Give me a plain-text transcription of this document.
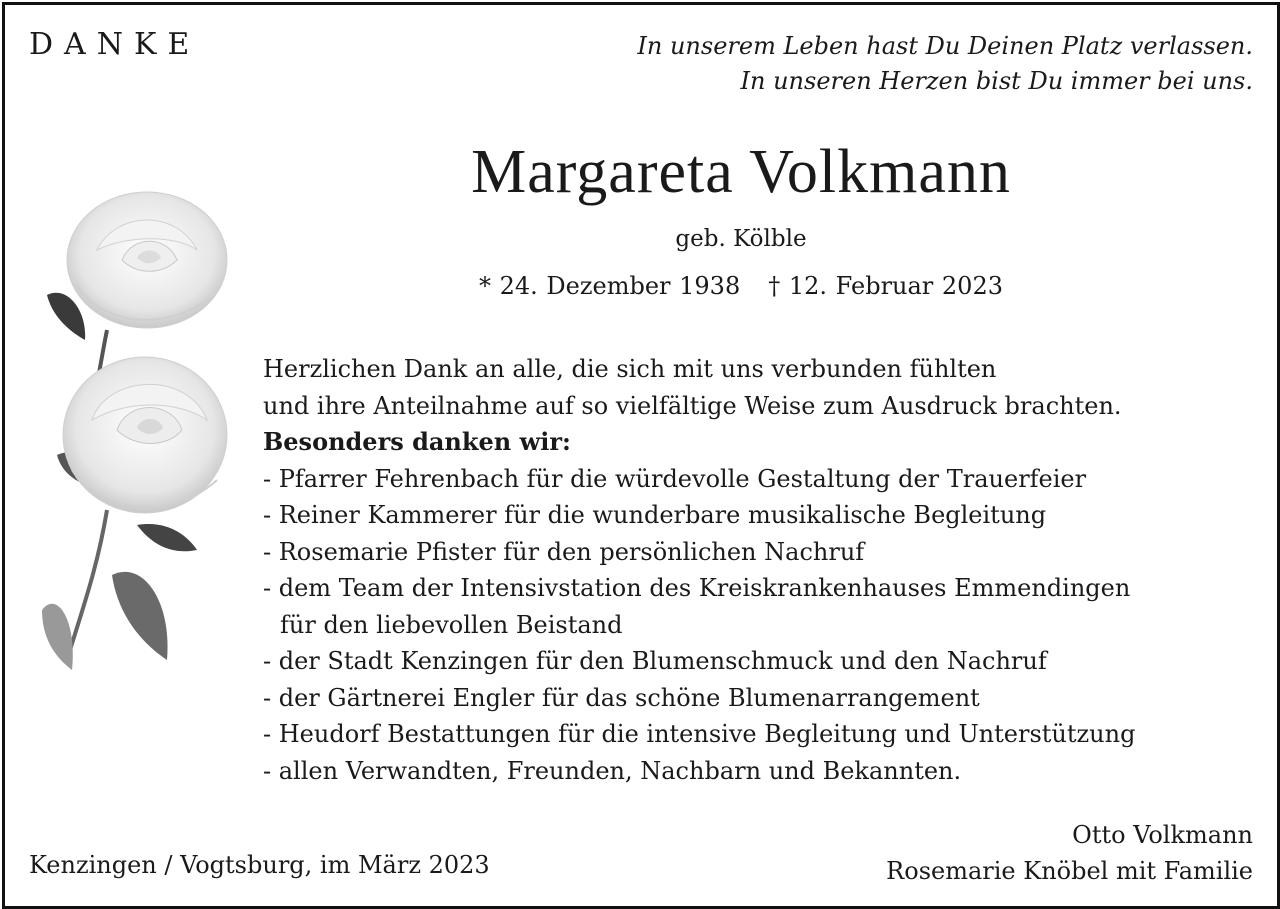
DANKE	In unserem Leben hast Du Deinen Platz verlassen.
In unseren Herzen bist Du immer bei uns.
Margareta Volkmann
geb. Kölble
* 24. Dezember 1938 † 12. Februar 2023

Herzlichen Dank an alle, die sich mit uns verbunden fühlten

und ihre Anteilnahme auf so vielfältige Weise zum Ausdruck brachten.

Besonders danken wir:

- Pfarrer Fehrenbach für die würdevolle Gestaltung der Trauerfeier
- Reiner Kammerer für die wunderbare musikalische Begleitung
- Rosemarie Pfister für den persönlichen Nachruf
- dem Team der Intensivstation des Kreiskrankenhauses Emmendingen
für den liebevollen Beistand
- der Stadt Kenzingen für den Blumenschmuck und den Nachruf
- der Gärtnerei Engler für das schöne Blumenarrangement
- Heudorf Bestattungen für die intensive Begleitung und Unterstützung
- allen Verwandten, Freunden, Nachbarn und Bekannten.
Kenzingen / Vogtsburg, im März 2023
Otto Volkmann
Rosemarie Knöbel mit Familie
